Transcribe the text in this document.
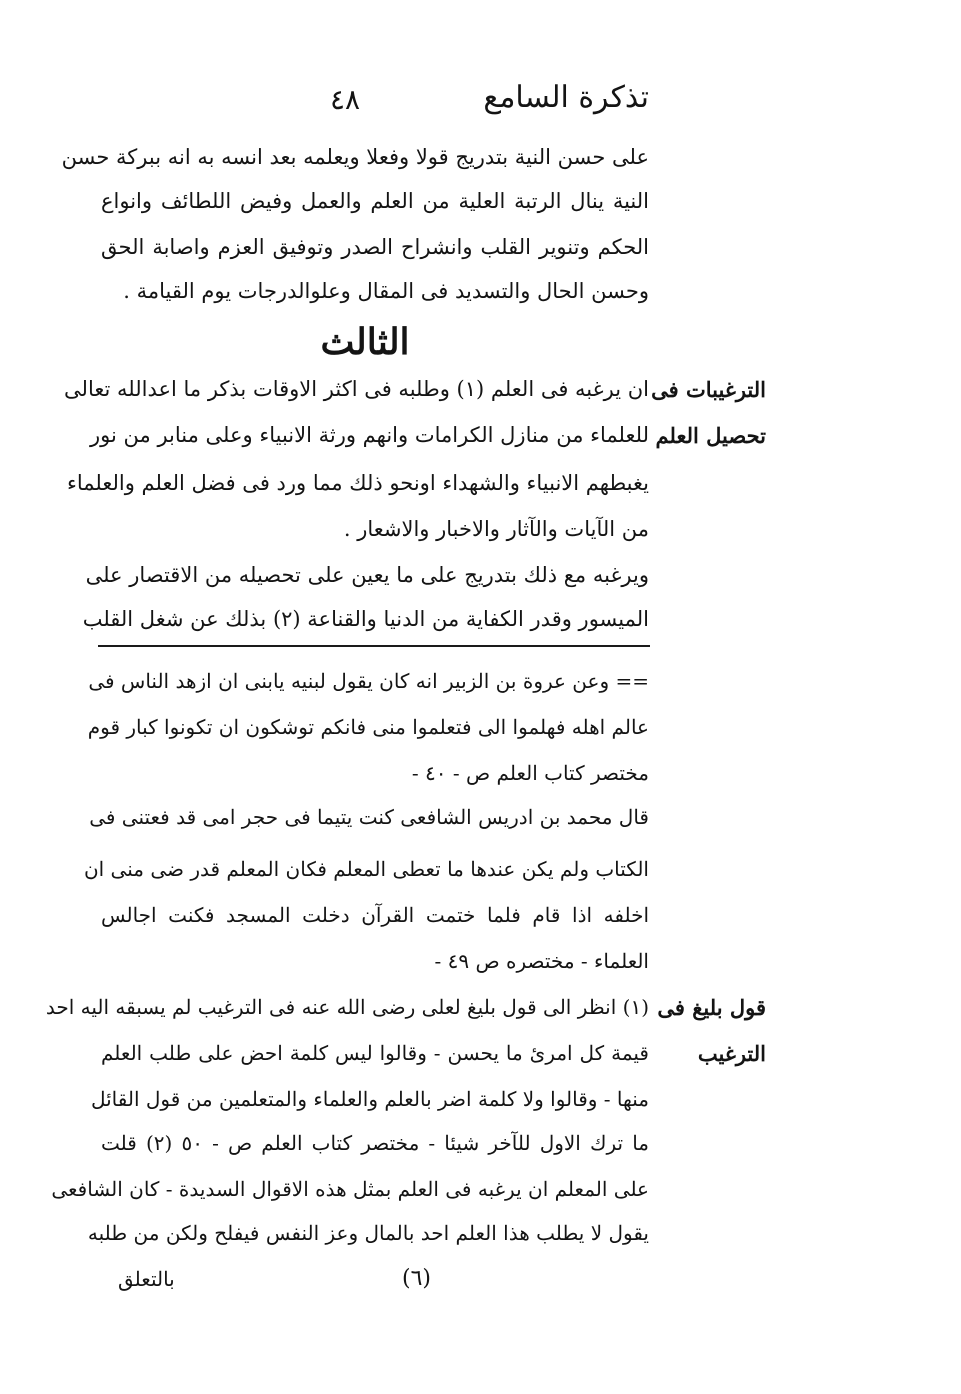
تذكرة السامع
٤٨
على حسن النية بتدريج قولا وفعلا ويعلمه بعد انسه به انه ببركة حسن
النية ينال الرتبة العلية من العلم والعمل وفيض اللطائف وانواع
الحكم وتنوير القلب وانشراح الصدر وتوفيق العزم واصابة الحق
وحسن الحال والتسديد فى المقال وعلوالدرجات يوم القيامة .
الثالث
الترغيبات فى
تحصيل العلم
ان يرغبه فى العلم (١) وطلبه فى اكثر الاوقات بذكر ما اعدالله تعالى
للعلماء من منازل الكرامات وانهم ورثة الانبياء وعلى منابر من نور
يغبطهم الانبياء والشهداء اونحو ذلك مما ورد فى فضل العلم والعلماء
من الآيات والآثار والاخبار والاشعار .
ويرغبه مع ذلك بتدريج على ما يعين على تحصيله من الاقتصار على
الميسور وقدر الكفاية من الدنيا والقناعة (٢) بذلك عن شغل القلب
== وعن عروة بن الزبير انه كان يقول لبنيه يابنى ان ازهد الناس فى
عالم اهله فهلموا الى فتعلموا منى فانكم توشكون ان تكونوا كبار قوم
مختصر كتاب العلم ص - ٤٠ -
قال محمد بن ادريس الشافعى كنت يتيما فى حجر امى قد فعتنى فى
الكتاب ولم يكن عندها ما تعطى المعلم فكان المعلم قدر ضى منى ان
اخلفه اذا قام فلما ختمت القرآن دخلت المسجد فكنت اجالس
العلماء - مختصره ص ٤٩ -
قول بليغ فى
الترغيب
(١) انظر الى قول بليغ لعلى رضى الله عنه فى الترغيب لم يسبقه اليه احد
قيمة كل امرئ ما يحسن - وقالوا ليس كلمة احض على طلب العلم
منها - وقالوا ولا كلمة اضر بالعلم والعلماء والمتعلمين من قول القائل
ما ترك الاول للآخر شيئا - مختصر كتاب العلم ص - ٥٠ (٢) قلت
على المعلم ان يرغبه فى العلم بمثل هذه الاقوال السديدة - كان الشافعى
يقول لا يطلب هذا العلم احد بالمال وعز النفس فيفلح ولكن من طلبه
(٦)
بالتعلق
